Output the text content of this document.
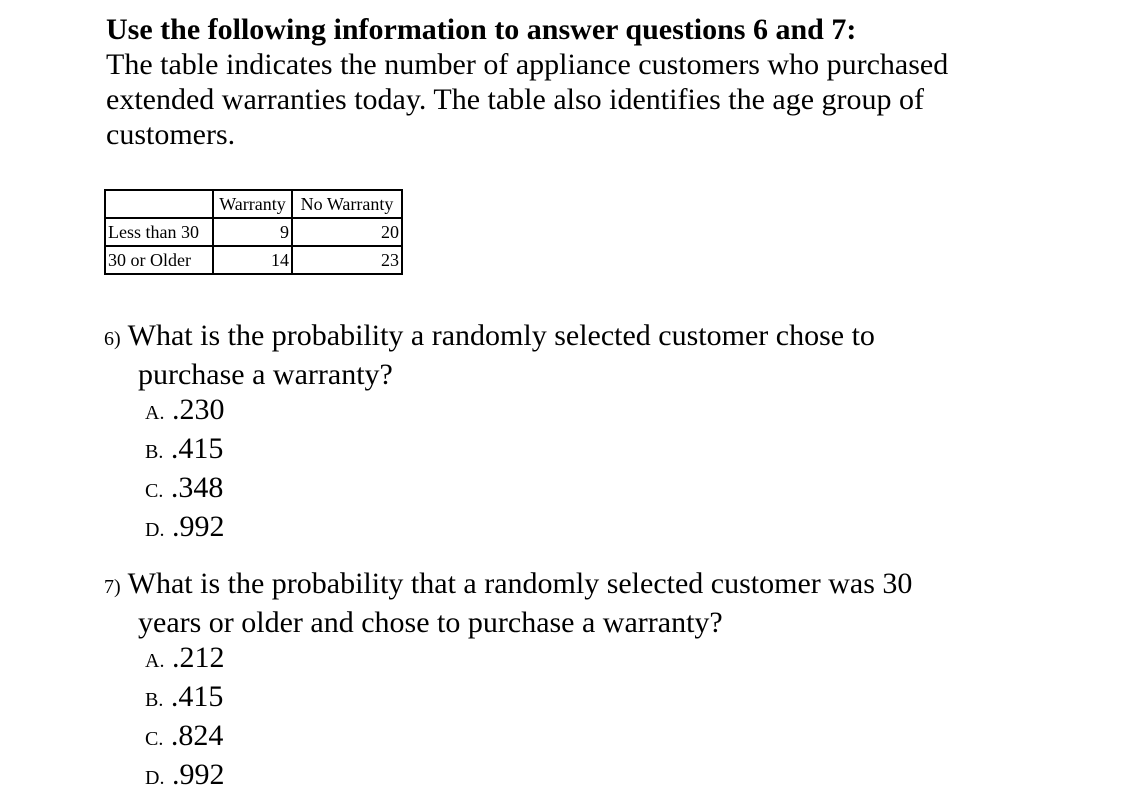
Use the following information to answer questions 6 and 7:
The table indicates the number of appliance customers who purchased
extended warranties today. The table also identifies the age group of
customers.
	Warranty	No Warranty
Less than 30	9	20
30 or Older	14	23
6) What is the probability a randomly selected customer chose to
purchase a warranty?
A. .230
B. .415
C. .348
D. .992
7) What is the probability that a randomly selected customer was 30
years or older and chose to purchase a warranty?
A. .212
B. .415
C. .824
D. .992
